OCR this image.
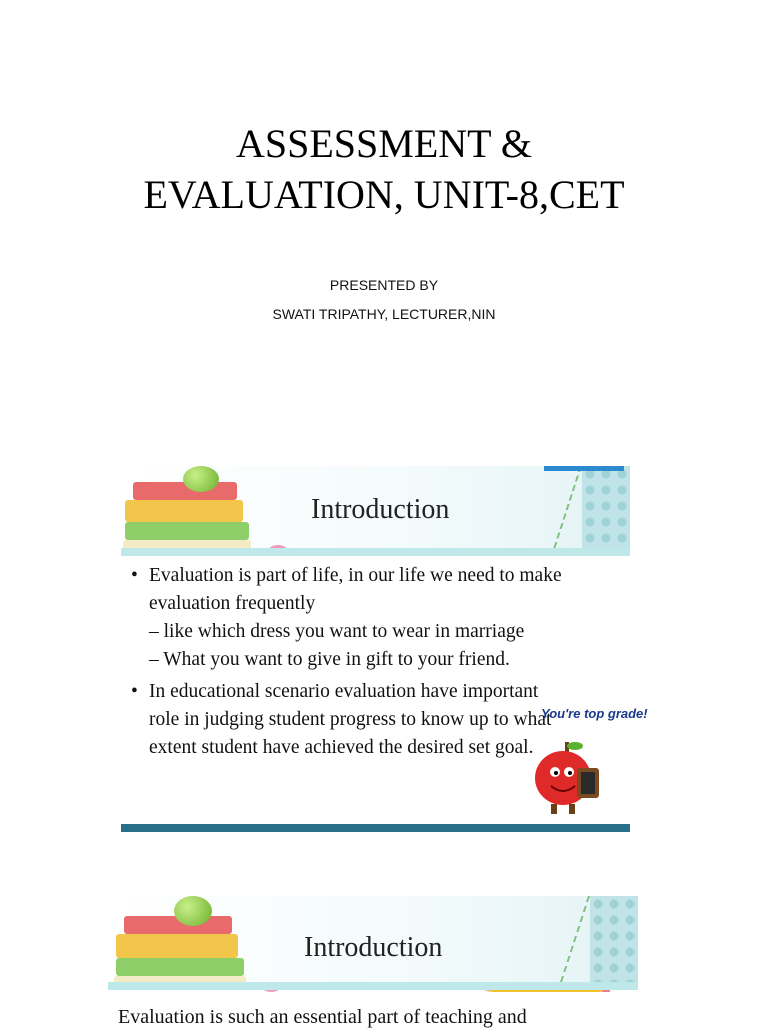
ASSESSMENT &
EVALUATION, UNIT-8,CET
PRESENTED BY
SWATI TRIPATHY, LECTURER,NIN
Introduction
• Evaluation is part of life, in our life we need to make evaluation frequently
– like which dress you want to wear in marriage
– What you want to give in gift to your friend.
• In educational scenario evaluation have important role in judging student progress to know up to what extent student have achieved the desired set goal.
You're top grade!
Introduction
Evaluation is such an essential part of teaching and
